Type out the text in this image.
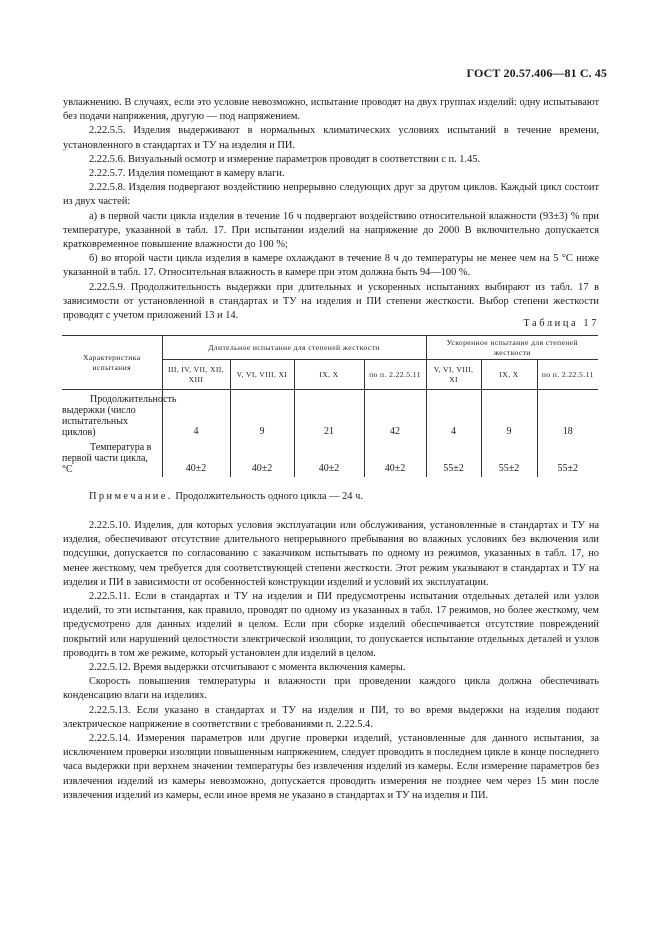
ГОСТ 20.57.406—81 С. 45

увлажнению. В случаях, если это условие невозможно, испытание проводят на двух группах изделий: одну испытывают без подачи напряжения, другую — под напряжением.

2.22.5.5. Изделия выдерживают в нормальных климатических условиях испытаний в течение времени, установленного в стандартах и ТУ на изделия и ПИ.

2.22.5.6. Визуальный осмотр и измерение параметров проводят в соответствии с п. 1.45.

2.22.5.7. Изделия помещают в камеру влаги.

2.22.5.8. Изделия подвергают воздействию непрерывно следующих друг за другом циклов. Каждый цикл состоит из двух частей:

а) в первой части цикла изделия в течение 16 ч подвергают воздействию относительной влажности (93±3) % при температуре, указанной в табл. 17. При испытании изделий на напряжение до 2000 В включительно допускается кратковременное повышение влажности до 100 %;

б) во второй части цикла изделия в камере охлаждают в течение 8 ч до температуры не менее чем на 5 °С ниже указанной в табл. 17. Относительная влажность в камере при этом должна быть 94—100 %.

2.22.5.9. Продолжительность выдержки при длительных и ускоренных испытаниях выбирают из табл. 17 в зависимости от установленной в стандартах и ТУ на изделия и ПИ степени жесткости. Выбор степени жесткости проводят с учетом приложений 13 и 14.

Таблица 17
Характеристика испытания	Длительное испытание для степеней жесткости				Ускоренное испытание для степеней жесткости		
	III, IV, VII, XII, XIII	V, VI, VIII, XI	IX, X	по п. 2.22.5.11	V, VI, VIII, XI	IX, X	по п. 2.22.5.11

Продолжительность выдержки (число испытательных циклов)	4	9	21	42	4	9	18

Температура в первой части цикла, °С	40±2	40±2	40±2	40±2	55±2	55±2	55±2
Примечание. Продолжительность одного цикла — 24 ч.

2.22.5.10. Изделия, для которых условия эксплуатации или обслуживания, установленные в стандартах и ТУ на изделия, обеспечивают отсутствие длительного непрерывного пребывания во влажных условиях без включения или подсушки, допускается по согласованию с заказчиком испытывать по одному из режимов, указанных в табл. 17, но менее жесткому, чем требуется для соответствующей степени жесткости. Этот режим указывают в стандартах и ТУ на изделия и ПИ в зависимости от особенностей конструкции изделий и условий их эксплуатации.

2.22.5.11. Если в стандартах и ТУ на изделия и ПИ предусмотрены испытания отдельных деталей или узлов изделий, то эти испытания, как правило, проводят по одному из указанных в табл. 17 режимов, но более жесткому, чем предусмотрено для данных изделий в целом. Если при сборке изделий обеспечивается отсутствие повреждений покрытий или нарушений целостности электрической изоляции, то допускается испытание отдельных деталей и узлов проводить в том же режиме, который установлен для изделий в целом.

2.22.5.12. Время выдержки отсчитывают с момента включения камеры.

Скорость повышения температуры и влажности при проведении каждого цикла должна обеспечивать конденсацию влаги на изделиях.

2.22.5.13. Если указано в стандартах и ТУ на изделия и ПИ, то во время выдержки на изделия подают электрическое напряжение в соответствии с требованиями п. 2.22.5.4.

2.22.5.14. Измерения параметров или другие проверки изделий, установленные для данного испытания, за исключением проверки изоляции повышенным напряжением, следует проводить в последнем цикле в конце последнего часа выдержки при верхнем значении температуры без извлечения изделий из камеры. Если измерение параметров без извлечения изделий из камеры невозможно, допускается проводить измерения не позднее чем через 15 мин после извлечения изделий из камеры, если иное время не указано в стандартах и ТУ на изделия и ПИ.
